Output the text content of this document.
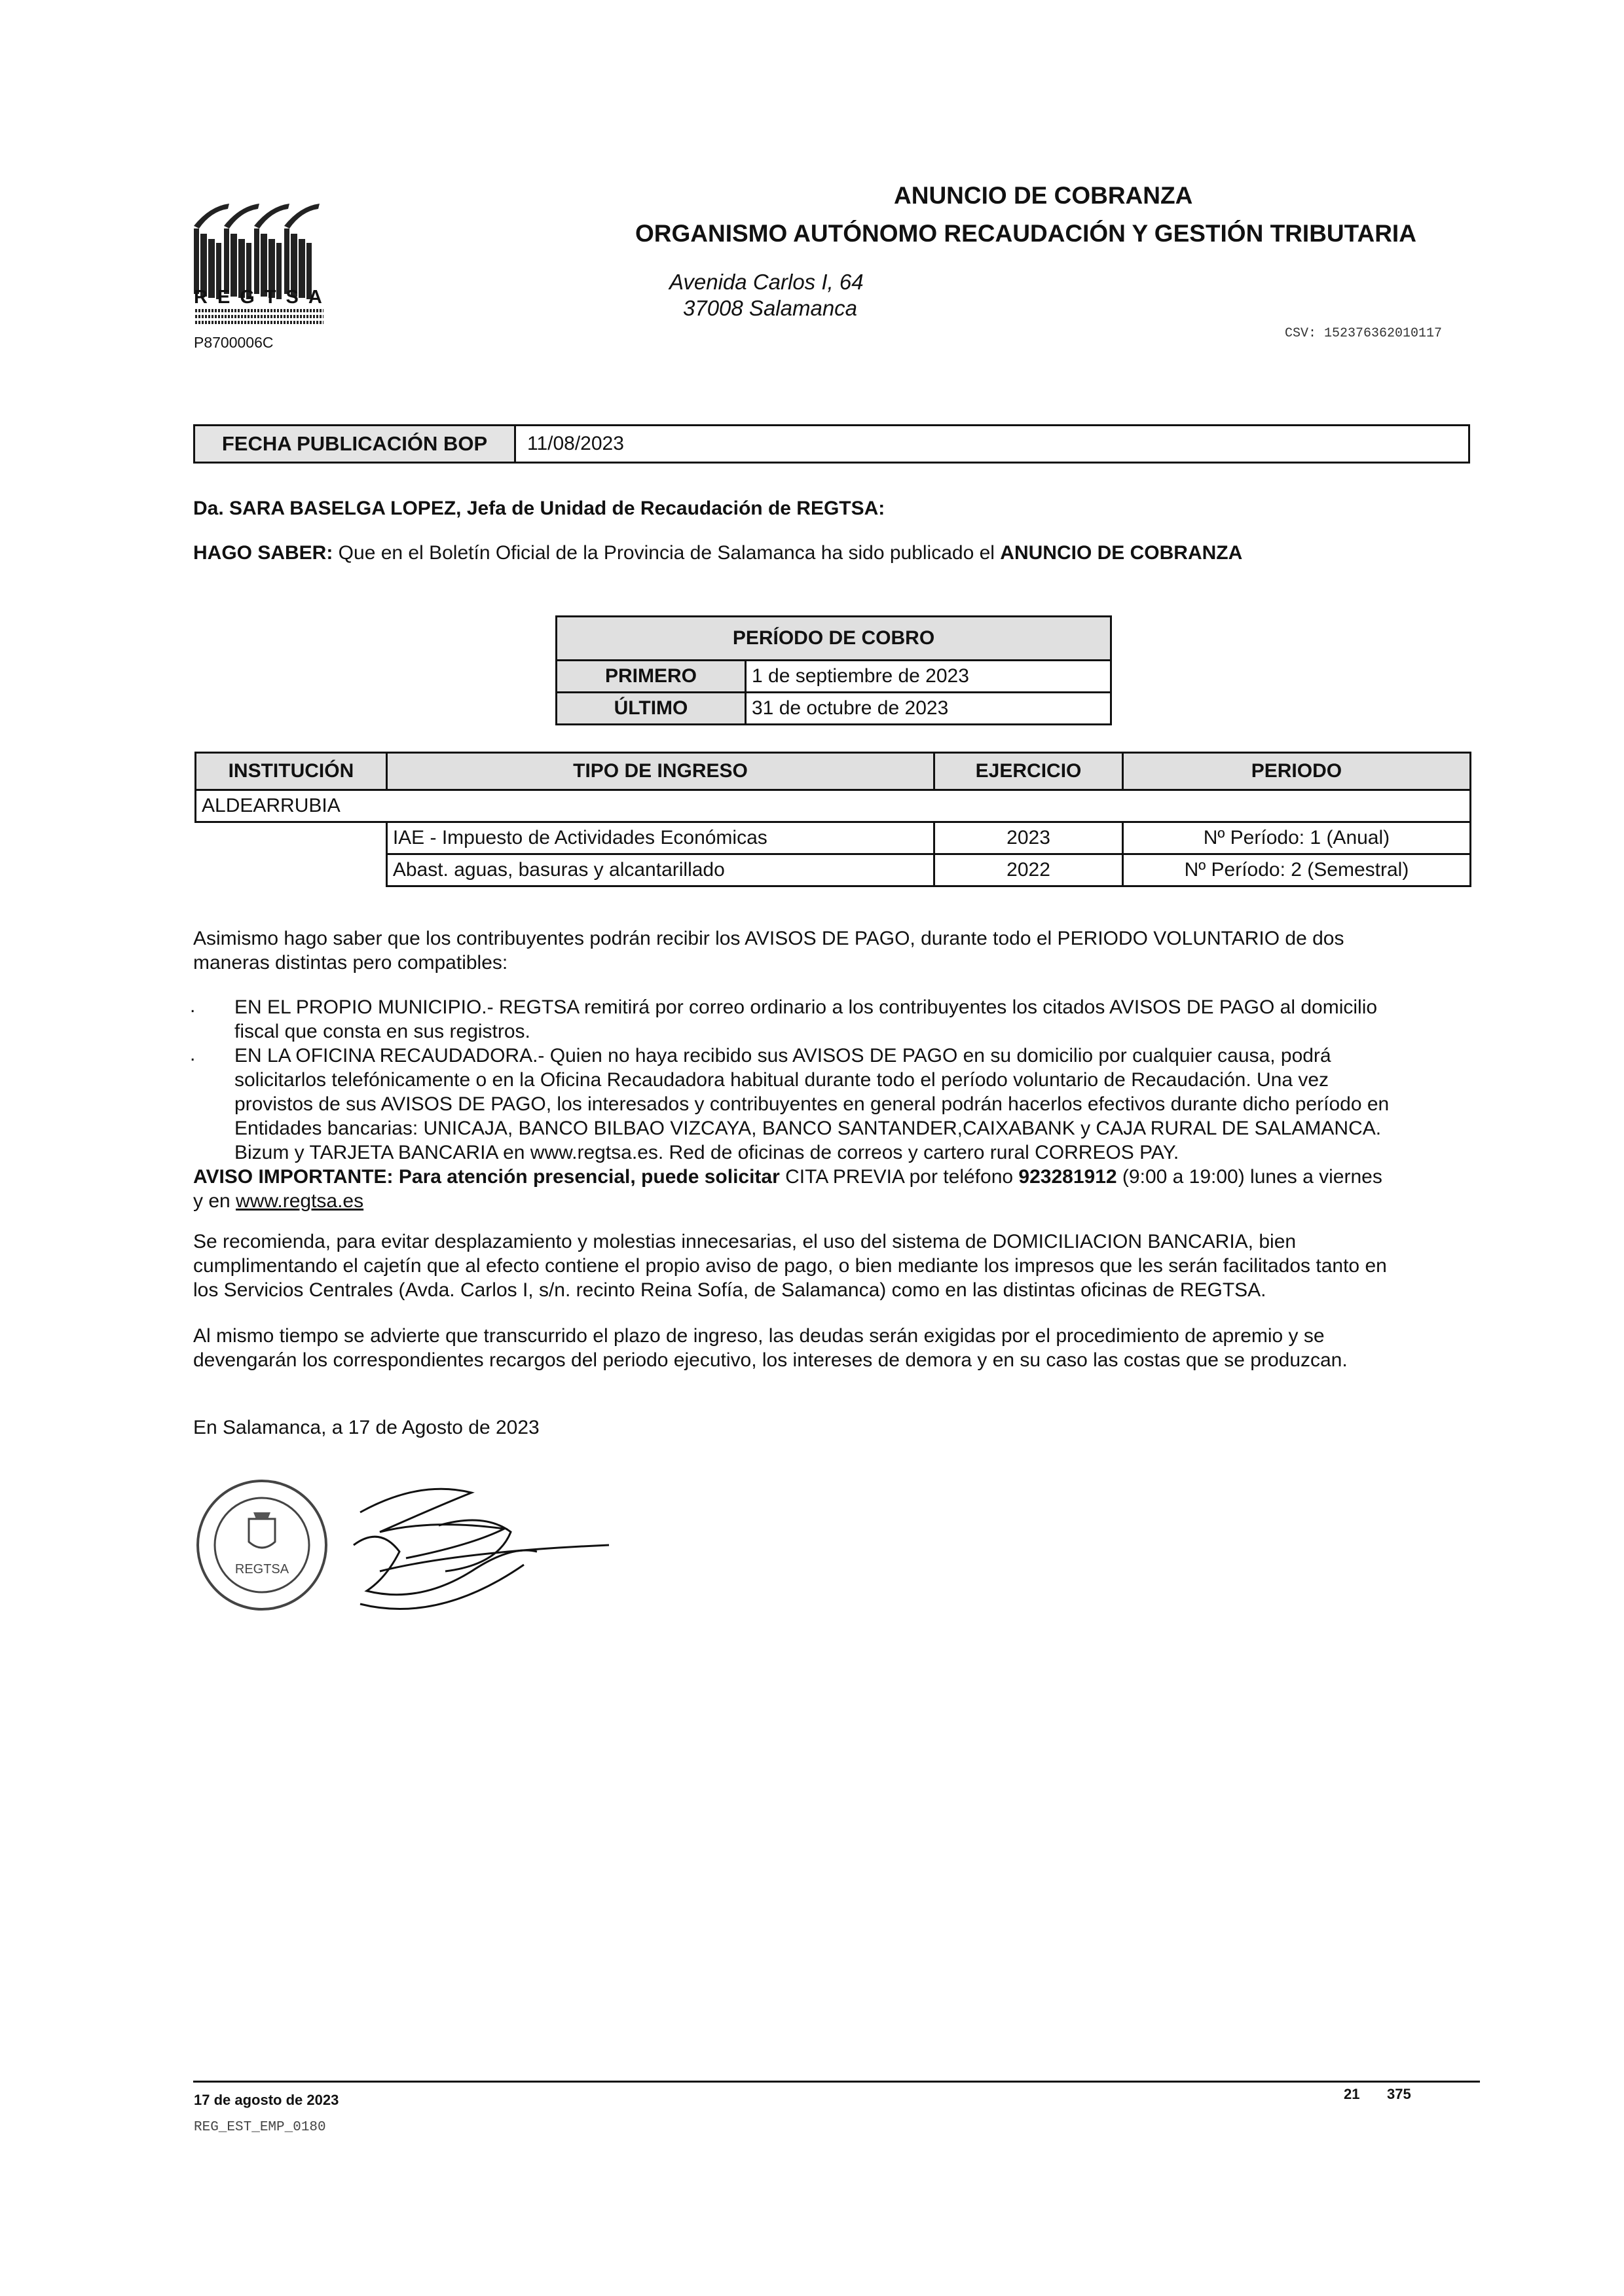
REGTSA
P8700006C
ANUNCIO DE COBRANZA
ORGANISMO AUTÓNOMO RECAUDACIÓN Y GESTIÓN TRIBUTARIA
Avenida Carlos I, 64
37008 Salamanca
CSV: 152376362010117
FECHA PUBLICACIÓN BOP	11/08/2023
Da. SARA BASELGA LOPEZ, Jefa de Unidad de Recaudación de REGTSA:
HAGO SABER: Que en el Boletín Oficial de la Provincia de Salamanca ha sido publicado el ANUNCIO DE COBRANZA
PERÍODO DE COBRO	
PRIMERO	1 de septiembre de 2023
ÚLTIMO	31 de octubre de 2023
INSTITUCIÓN	TIPO DE INGRESO	EJERCICIO	PERIODO
ALDEARRUBIA			
	IAE - Impuesto de Actividades Económicas	2023	Nº Período: 1 (Anual)
	Abast. aguas, basuras y alcantarillado	2022	Nº Período: 2 (Semestral)
Asimismo hago saber que los contribuyentes podrán recibir los AVISOS DE PAGO, durante todo el PERIODO VOLUNTARIO de dos
maneras distintas pero compatibles:
. EN EL PROPIO MUNICIPIO.- REGTSA remitirá por correo ordinario a los contribuyentes los citados AVISOS DE PAGO al domicilio
fiscal que consta en sus registros.
. EN LA OFICINA RECAUDADORA.- Quien no haya recibido sus AVISOS DE PAGO en su domicilio por cualquier causa, podrá
solicitarlos telefónicamente o en la Oficina Recaudadora habitual durante todo el período voluntario de Recaudación. Una vez
provistos de sus AVISOS DE PAGO, los interesados y contribuyentes en general podrán hacerlos efectivos durante dicho período en
Entidades bancarias: UNICAJA, BANCO BILBAO VIZCAYA, BANCO SANTANDER,CAIXABANK y CAJA RURAL DE SALAMANCA.
Bizum y TARJETA BANCARIA en www.regtsa.es. Red de oficinas de correos y cartero rural CORREOS PAY.
AVISO IMPORTANTE: Para atención presencial, puede solicitar CITA PREVIA por teléfono 923281912 (9:00 a 19:00) lunes a viernes
y en www.regtsa.es
Se recomienda, para evitar desplazamiento y molestias innecesarias, el uso del sistema de DOMICILIACION BANCARIA, bien
cumplimentando el cajetín que al efecto contiene el propio aviso de pago, o bien mediante los impresos que les serán facilitados tanto en
los Servicios Centrales (Avda. Carlos I, s/n. recinto Reina Sofía, de Salamanca) como en las distintas oficinas de REGTSA.
Al mismo tiempo se advierte que transcurrido el plazo de ingreso, las deudas serán exigidas por el procedimiento de apremio y se
devengarán los correspondientes recargos del periodo ejecutivo, los intereses de demora y en su caso las costas que se produzcan.
En Salamanca, a 17 de Agosto de 2023
REGTSA
17 de agosto de 2023	21 375
REG_EST_EMP_0180
